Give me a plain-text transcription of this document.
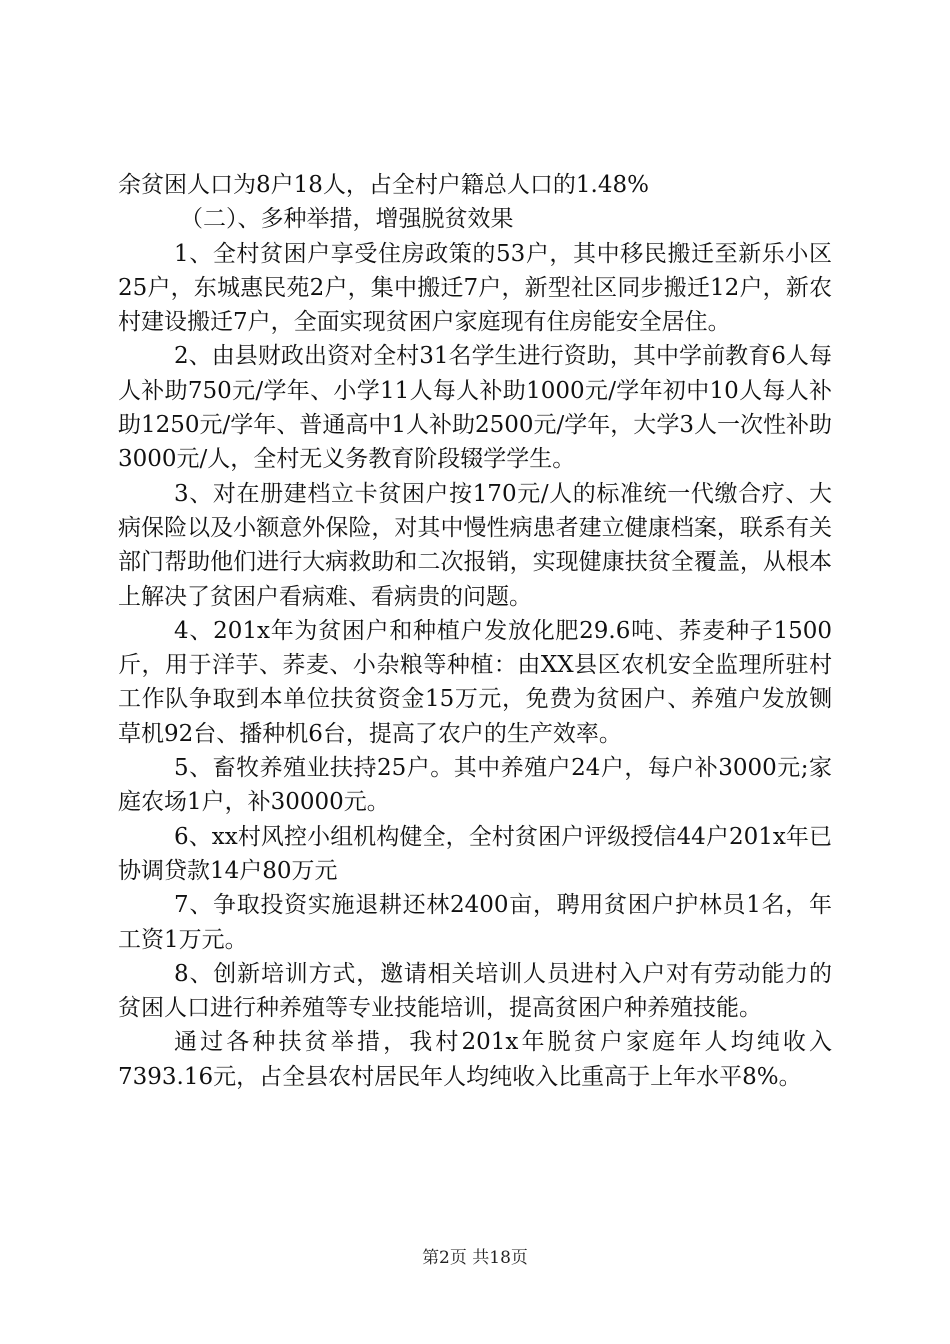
余贫困人口为8户18人，占全村户籍总人口的1.48%

（二）、多种举措，增强脱贫效果

1、全村贫困户享受住房政策的53户，其中移民搬迁至新乐小区25户，东城惠民苑2户，集中搬迁7户，新型社区同步搬迁12户，新农村建设搬迁7户，全面实现贫困户家庭现有住房能安全居住。

2、由县财政出资对全村31名学生进行资助，其中学前教育6人每人补助750元/学年、小学11人每人补助1000元/学年初中10人每人补助1250元/学年、普通高中1人补助2500元/学年，大学3人一次性补助3000元/人，全村无义务教育阶段辍学学生。

3、对在册建档立卡贫困户按170元/人的标准统一代缴合疗、大病保险以及小额意外保险，对其中慢性病患者建立健康档案，联系有关部门帮助他们进行大病救助和二次报销，实现健康扶贫全覆盖，从根本上解决了贫困户看病难、看病贵的问题。

4、201x年为贫困户和种植户发放化肥29.6吨、荞麦种子1500斤，用于洋芋、荞麦、小杂粮等种植：由XX县区农机安全监理所驻村工作队争取到本单位扶贫资金15万元，免费为贫困户、养殖户发放铡草机92台、播种机6台，提高了农户的生产效率。

5、畜牧养殖业扶持25户。其中养殖户24户，每户补3000元;家庭农场1户，补30000元。

6、xx村风控小组机构健全，全村贫困户评级授信44户201x年已协调贷款14户80万元

7、争取投资实施退耕还林2400亩，聘用贫困户护林员1名，年工资1万元。

8、创新培训方式，邀请相关培训人员进村入户对有劳动能力的贫困人口进行种养殖等专业技能培训，提高贫困户种养殖技能。

通过各种扶贫举措，我村201x年脱贫户家庭年人均纯收入7393.16元，占全县农村居民年人均纯收入比重高于上年水平8%。

第2页 共18页
